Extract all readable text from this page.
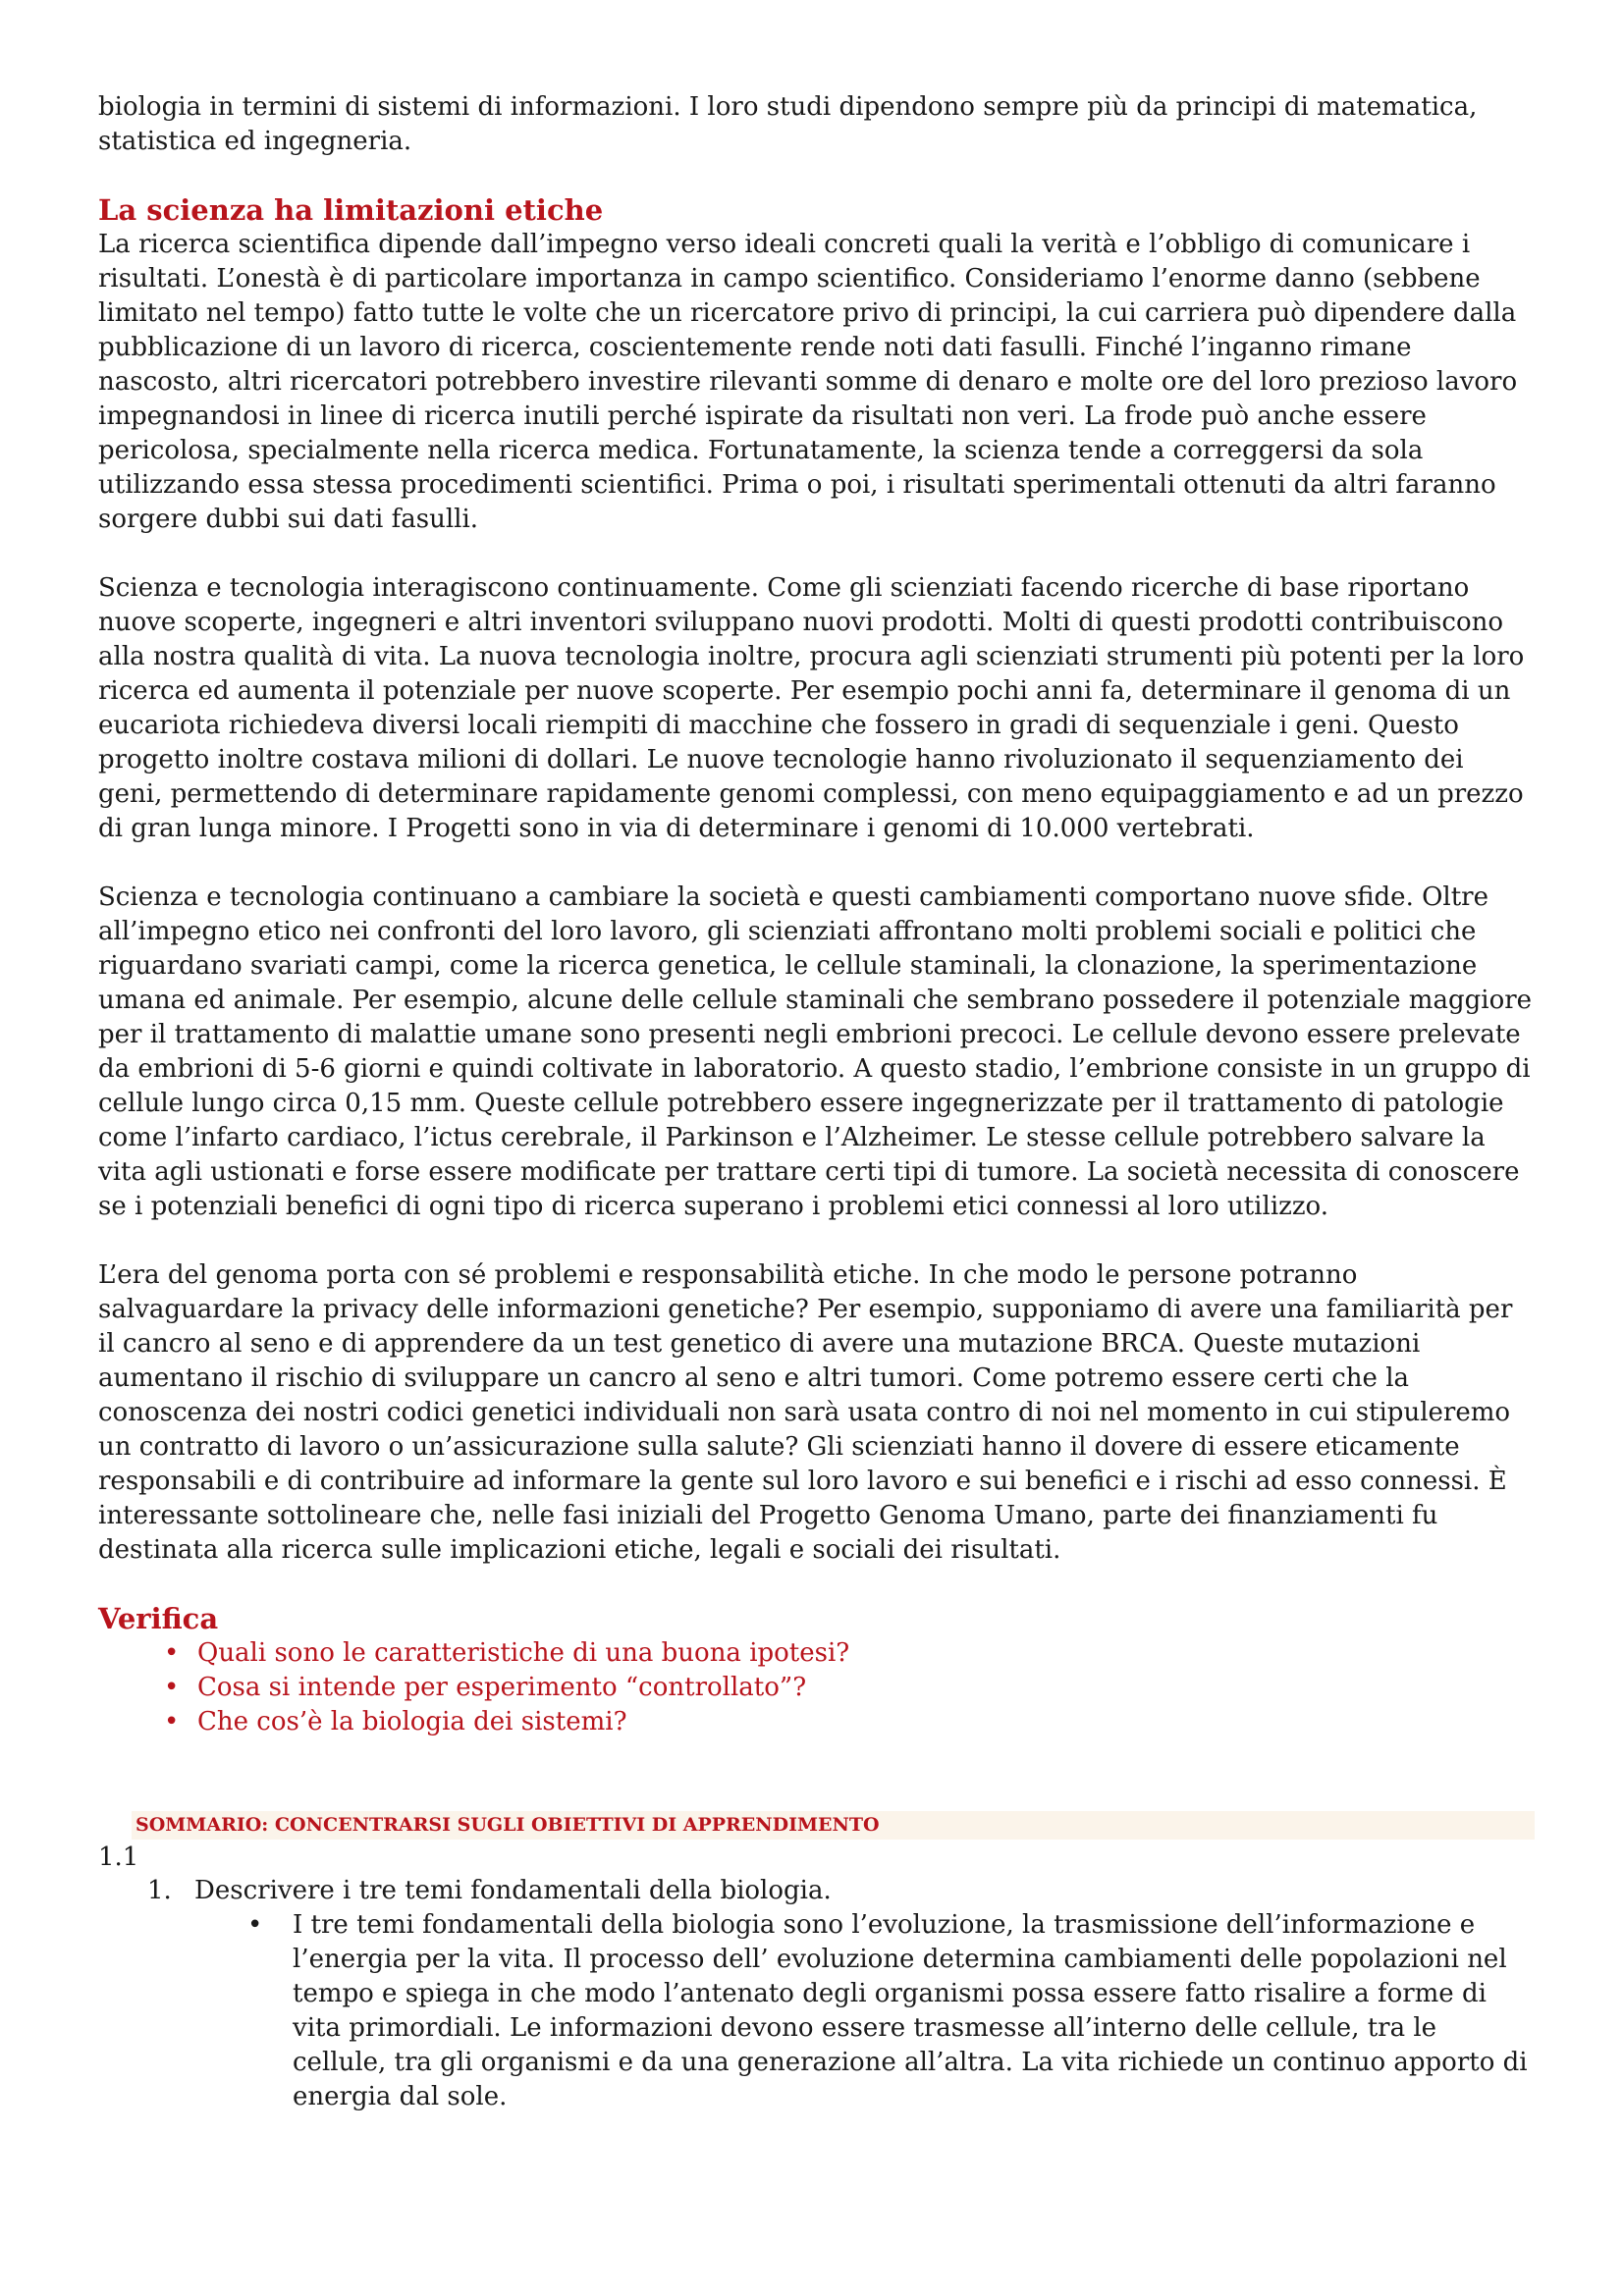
biologia in termini di sistemi di informazioni. I loro studi dipendono sempre più da principi di matematica, statistica ed ingegneria.

La scienza ha limitazioni etiche

La ricerca scientifica dipende dall’impegno verso ideali concreti quali la verità e l’obbligo di comunicare i risultati. L’onestà è di particolare importanza in campo scientifico. Consideriamo l’enorme danno (sebbene limitato nel tempo) fatto tutte le volte che un ricercatore privo di principi, la cui carriera può dipendere dalla pubblicazione di un lavoro di ricerca, coscientemente rende noti dati fasulli. Finché l’inganno rimane nascosto, altri ricercatori potrebbero investire rilevanti somme di denaro e molte ore del loro prezioso lavoro impegnandosi in linee di ricerca inutili perché ispirate da risultati non veri. La frode può anche essere pericolosa, specialmente nella ricerca medica. Fortunatamente, la scienza tende a correggersi da sola utilizzando essa stessa procedimenti scientifici. Prima o poi, i risultati sperimentali ottenuti da altri faranno sorgere dubbi sui dati fasulli.

Scienza e tecnologia interagiscono continuamente. Come gli scienziati facendo ricerche di base riportano nuove scoperte, ingegneri e altri inventori sviluppano nuovi prodotti. Molti di questi prodotti contribuiscono alla nostra qualità di vita. La nuova tecnologia inoltre, procura agli scienziati strumenti più potenti per la loro ricerca ed aumenta il potenziale per nuove scoperte. Per esempio pochi anni fa, determinare il genoma di un eucariota richiedeva diversi locali riempiti di macchine che fossero in gradi di sequenziale i geni. Questo progetto inoltre costava milioni di dollari. Le nuove tecnologie hanno rivoluzionato il sequenziamento dei geni, permettendo di determinare rapidamente genomi complessi, con meno equipaggiamento e ad un prezzo di gran lunga minore. I Progetti sono in via di determinare i genomi di 10.000 vertebrati.

Scienza e tecnologia continuano a cambiare la società e questi cambiamenti comportano nuove sfide. Oltre all’impegno etico nei confronti del loro lavoro, gli scienziati affrontano molti problemi sociali e politici che riguardano svariati campi, come la ricerca genetica, le cellule staminali, la clonazione, la sperimentazione umana ed animale. Per esempio, alcune delle cellule staminali che sembrano possedere il potenziale maggiore per il trattamento di malattie umane sono presenti negli embrioni precoci. Le cellule devono essere prelevate da embrioni di 5-6 giorni e quindi coltivate in laboratorio. A questo stadio, l’embrione consiste in un gruppo di cellule lungo circa 0,15 mm. Queste cellule potrebbero essere ingegnerizzate per il trattamento di patologie come l’infarto cardiaco, l’ictus cerebrale, il Parkinson e l’Alzheimer. Le stesse cellule potrebbero salvare la vita agli ustionati e forse essere modificate per trattare certi tipi di tumore. La società necessita di conoscere se i potenziali benefici di ogni tipo di ricerca superano i problemi etici connessi al loro utilizzo.

L’era del genoma porta con sé problemi e responsabilità etiche. In che modo le persone potranno salvaguardare la privacy delle informazioni genetiche? Per esempio, supponiamo di avere una familiarità per il cancro al seno e di apprendere da un test genetico di avere una mutazione BRCA. Queste mutazioni aumentano il rischio di sviluppare un cancro al seno e altri tumori. Come potremo essere certi che la conoscenza dei nostri codici genetici individuali non sarà usata contro di noi nel momento in cui stipuleremo un contratto di lavoro o un’assicurazione sulla salute? Gli scienziati hanno il dovere di essere eticamente responsabili e di contribuire ad informare la gente sul loro lavoro e sui benefici e i rischi ad esso connessi. È interessante sottolineare che, nelle fasi iniziali del Progetto Genoma Umano, parte dei finanziamenti fu destinata alla ricerca sulle implicazioni etiche, legali e sociali dei risultati.

Verifica
• Quali sono le caratteristiche di una buona ipotesi?
• Cosa si intende per esperimento “controllato”?
• Che cos’è la biologia dei sistemi?
SOMMARIO: CONCENTRARSI SUGLI OBIETTIVI DI APPRENDIMENTO
1.1
1. Descrivere i tre temi fondamentali della biologia.
• I tre temi fondamentali della biologia sono l’evoluzione, la trasmissione dell’informazione e l’energia per la vita. Il processo dell’ evoluzione determina cambiamenti delle popolazioni nel tempo e spiega in che modo l’antenato degli organismi possa essere fatto risalire a forme di vita primordiali. Le informazioni devono essere trasmesse all’interno delle cellule, tra le cellule, tra gli organismi e da una generazione all’altra. La vita richiede un continuo apporto di energia dal sole.
